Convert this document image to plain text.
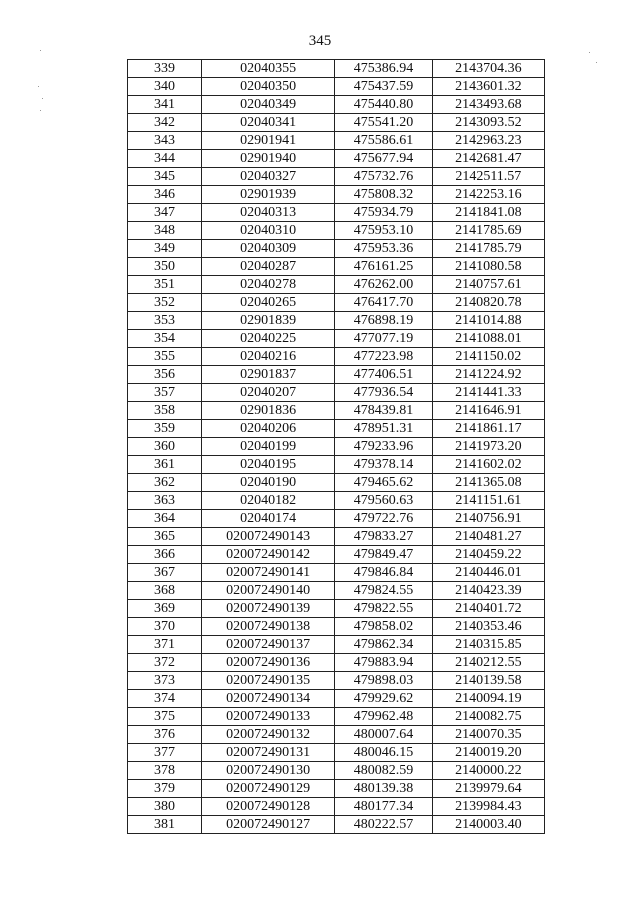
345
339	02040355	475386.94	2143704.36
340	02040350	475437.59	2143601.32
341	02040349	475440.80	2143493.68
342	02040341	475541.20	2143093.52
343	02901941	475586.61	2142963.23
344	02901940	475677.94	2142681.47
345	02040327	475732.76	2142511.57
346	02901939	475808.32	2142253.16
347	02040313	475934.79	2141841.08
348	02040310	475953.10	2141785.69
349	02040309	475953.36	2141785.79
350	02040287	476161.25	2141080.58
351	02040278	476262.00	2140757.61
352	02040265	476417.70	2140820.78
353	02901839	476898.19	2141014.88
354	02040225	477077.19	2141088.01
355	02040216	477223.98	2141150.02
356	02901837	477406.51	2141224.92
357	02040207	477936.54	2141441.33
358	02901836	478439.81	2141646.91
359	02040206	478951.31	2141861.17
360	02040199	479233.96	2141973.20
361	02040195	479378.14	2141602.02
362	02040190	479465.62	2141365.08
363	02040182	479560.63	2141151.61
364	02040174	479722.76	2140756.91
365	020072490143	479833.27	2140481.27
366	020072490142	479849.47	2140459.22
367	020072490141	479846.84	2140446.01
368	020072490140	479824.55	2140423.39
369	020072490139	479822.55	2140401.72
370	020072490138	479858.02	2140353.46
371	020072490137	479862.34	2140315.85
372	020072490136	479883.94	2140212.55
373	020072490135	479898.03	2140139.58
374	020072490134	479929.62	2140094.19
375	020072490133	479962.48	2140082.75
376	020072490132	480007.64	2140070.35
377	020072490131	480046.15	2140019.20
378	020072490130	480082.59	2140000.22
379	020072490129	480139.38	2139979.64
380	020072490128	480177.34	2139984.43
381	020072490127	480222.57	2140003.40
